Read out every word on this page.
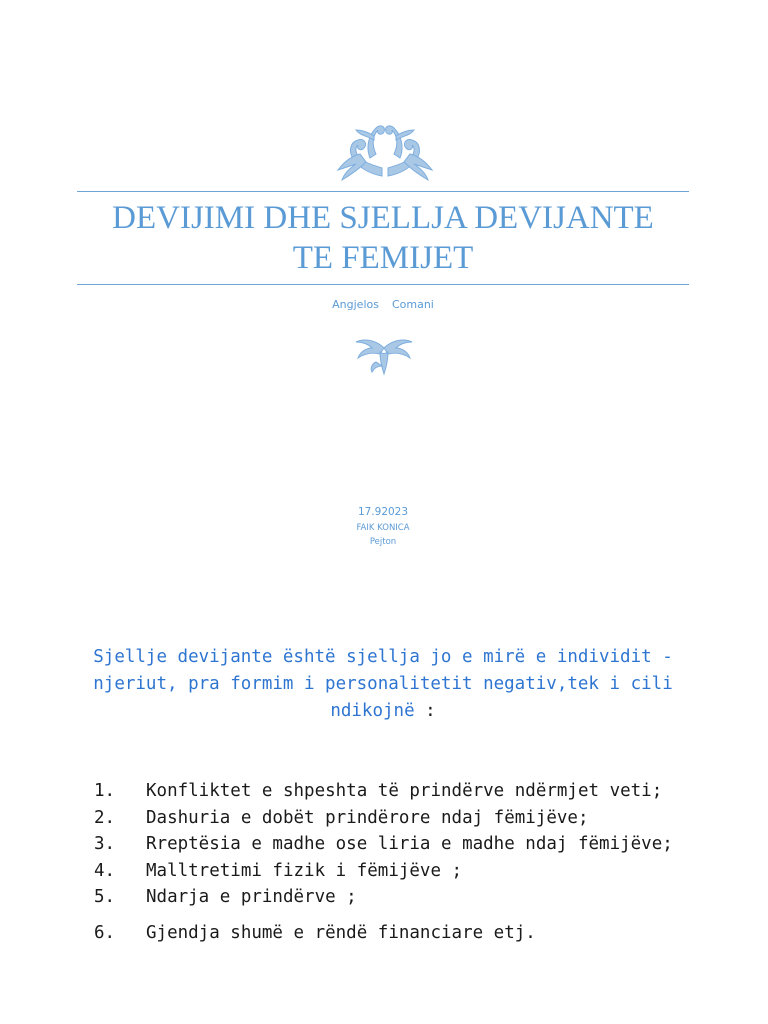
DEVIJIMI DHE SJELLJA DEVIJANTE
TE FEMIJET
Angjelos  Comani
17.92023
FAIK KONICA
Pejton

Sjellje devijante është sjellja jo e mirë e individit -
njeriut, pra formim i personalitetit negativ,tek i cili
ndikojnë :

1.	Konfliktet e shpeshta të prindërve ndërmjet veti;
2.	Dashuria e dobët prindërore ndaj fëmijëve;
3.	Rreptësia e madhe ose liria e madhe ndaj fëmijëve;
4.	Malltretimi fizik i fëmijëve ;
5.	Ndarja e prindërve ;
6.	Gjendja shumë e rëndë financiare etj.
